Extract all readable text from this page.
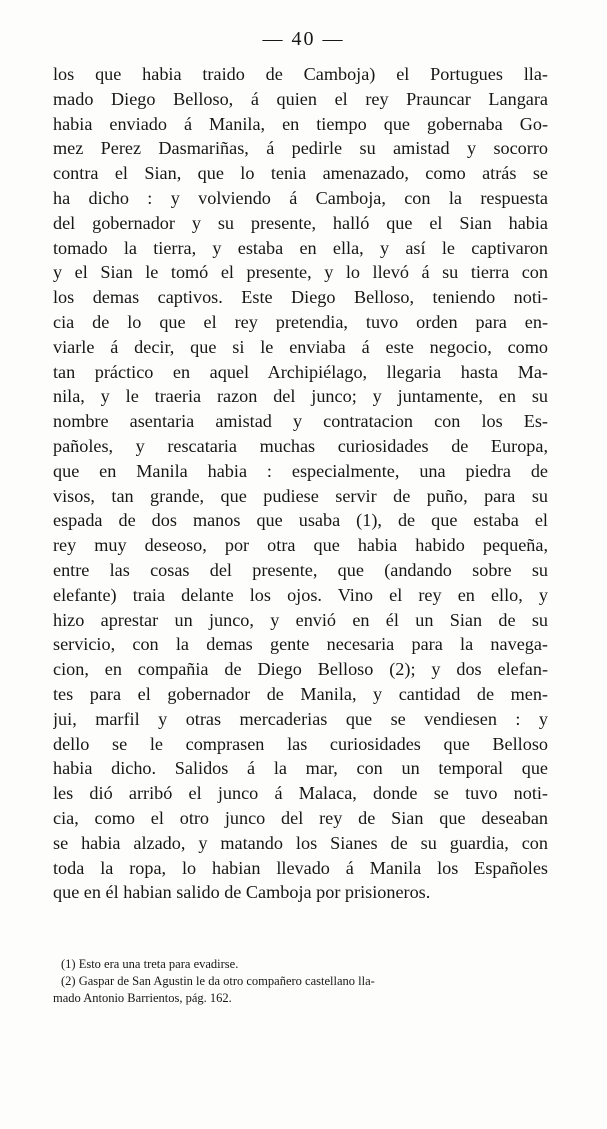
— 40 —
los que habia traido de Camboja) el Portugues lla-
mado Diego Belloso, á quien el rey Prauncar Langara
habia enviado á Manila, en tiempo que gobernaba Go-
mez Perez Dasmariñas, á pedirle su amistad y socorro
contra el Sian, que lo tenia amenazado, como atrás se
ha dicho : y volviendo á Camboja, con la respuesta
del gobernador y su presente, halló que el Sian habia
tomado la tierra, y estaba en ella, y así le captivaron
y el Sian le tomó el presente, y lo llevó á su tierra con
los demas captivos. Este Diego Belloso, teniendo noti-
cia de lo que el rey pretendia, tuvo orden para en-
viarle á decir, que si le enviaba á este negocio, como
tan práctico en aquel Archipiélago, llegaria hasta Ma-
nila, y le traeria razon del junco; y juntamente, en su
nombre asentaria amistad y contratacion con los Es-
pañoles, y rescataria muchas curiosidades de Europa,
que en Manila habia : especialmente, una piedra de
visos, tan grande, que pudiese servir de puño, para su
espada de dos manos que usaba (1), de que estaba el
rey muy deseoso, por otra que habia habido pequeña,
entre las cosas del presente, que (andando sobre su
elefante) traia delante los ojos. Vino el rey en ello, y
hizo aprestar un junco, y envió en él un Sian de su
servicio, con la demas gente necesaria para la navega-
cion, en compañia de Diego Belloso (2); y dos elefan-
tes para el gobernador de Manila, y cantidad de men-
jui, marfil y otras mercaderias que se vendiesen : y
dello se le comprasen las curiosidades que Belloso
habia dicho. Salidos á la mar, con un temporal que
les dió arribó el junco á Malaca, donde se tuvo noti-
cia, como el otro junco del rey de Sian que deseaban
se habia alzado, y matando los Sianes de su guardia, con
toda la ropa, lo habian llevado á Manila los Españoles
que en él habian salido de Camboja por prisioneros.
(1) Esto era una treta para evadirse.
(2) Gaspar de San Agustin le da otro compañero castellano lla-
mado Antonio Barrientos, pág. 162.
